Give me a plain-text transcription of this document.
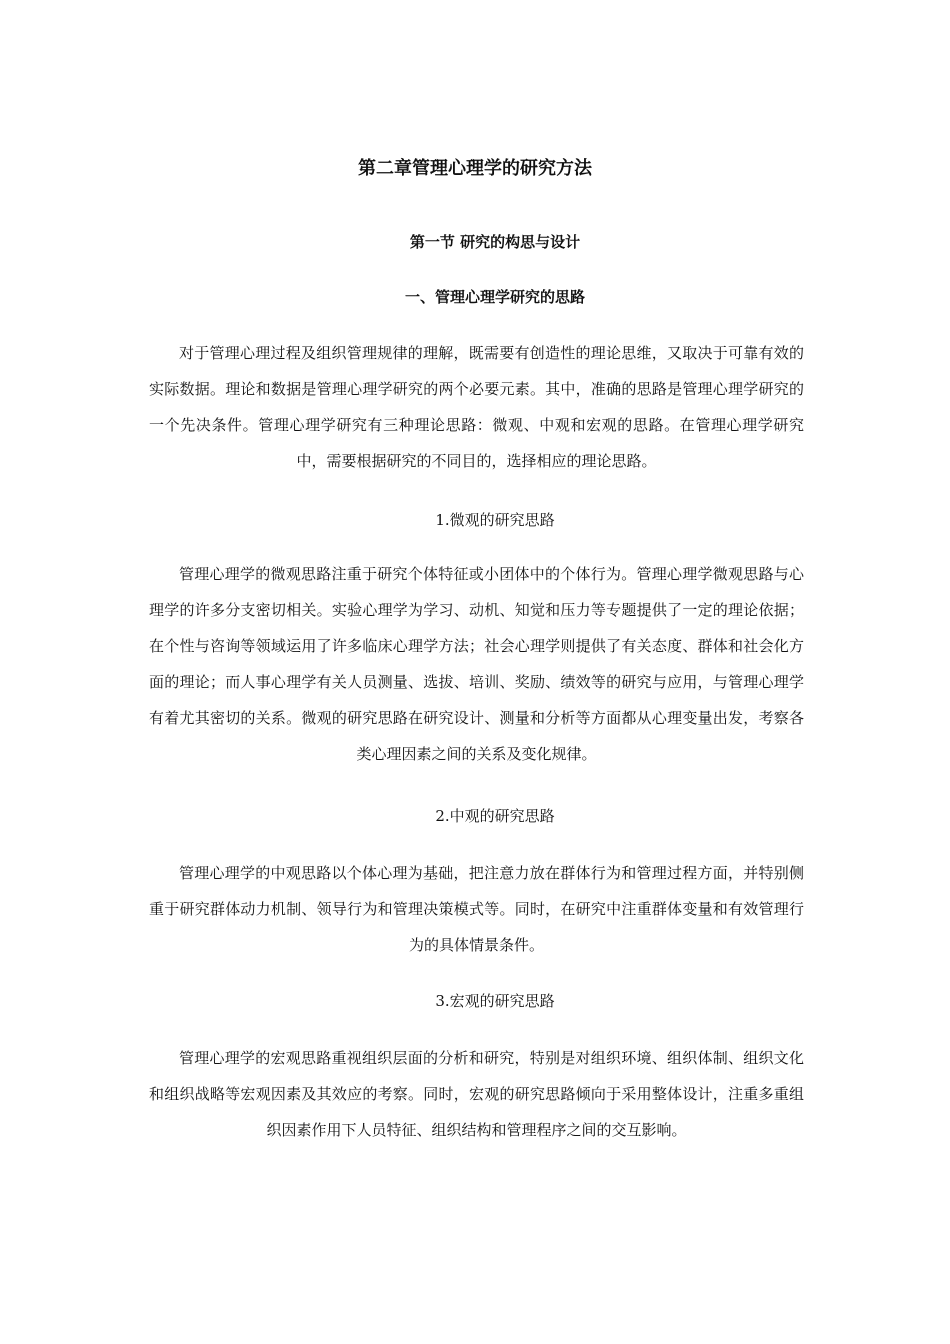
第二章管理心理学的研究方法
第一节 研究的构思与设计
一、管理心理学研究的思路

对于管理心理过程及组织管理规律的理解，既需要有创造性的理论思维，又取决于可靠有效的实际数据。理论和数据是管理心理学研究的两个必要元素。其中，准确的思路是管理心理学研究的一个先决条件。管理心理学研究有三种理论思路：微观、中观和宏观的思路。在管理心理学研究中，需要根据研究的不同目的，选择相应的理论思路。

1.微观的研究思路

管理心理学的微观思路注重于研究个体特征或小团体中的个体行为。管理心理学微观思路与心理学的许多分支密切相关。实验心理学为学习、动机、知觉和压力等专题提供了一定的理论依据；在个性与咨询等领域运用了许多临床心理学方法；社会心理学则提供了有关态度、群体和社会化方面的理论；而人事心理学有关人员测量、选拔、培训、奖励、绩效等的研究与应用，与管理心理学有着尤其密切的关系。微观的研究思路在研究设计、测量和分析等方面都从心理变量出发，考察各类心理因素之间的关系及变化规律。

2.中观的研究思路

管理心理学的中观思路以个体心理为基础，把注意力放在群体行为和管理过程方面，并特别侧重于研究群体动力机制、领导行为和管理决策模式等。同时，在研究中注重群体变量和有效管理行为的具体情景条件。

3.宏观的研究思路

管理心理学的宏观思路重视组织层面的分析和研究，特别是对组织环境、组织体制、组织文化和组织战略等宏观因素及其效应的考察。同时，宏观的研究思路倾向于采用整体设计，注重多重组织因素作用下人员特征、组织结构和管理程序之间的交互影响。
